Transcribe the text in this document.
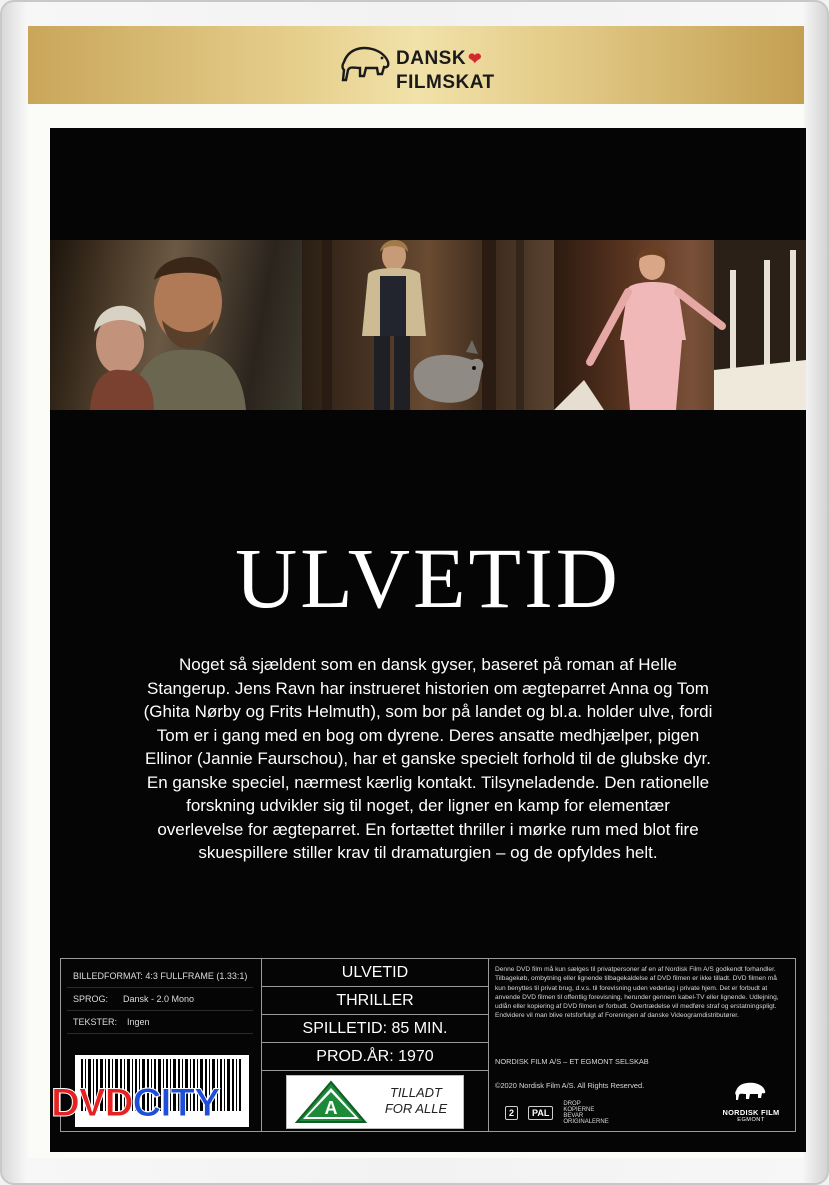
DANSK ❤
FILMSKAT
ULVETID
Noget så sjældent som en dansk gyser, baseret på roman af Helle Stangerup. Jens Ravn har instrueret historien om ægteparret Anna og Tom (Ghita Nørby og Frits Helmuth), som bor på landet og bl.a. holder ulve, fordi Tom er i gang med en bog om dyrene. Deres ansatte medhjælper, pigen Ellinor (Jannie Faurschou), har et ganske specielt forhold til de glubske dyr. En ganske speciel, nærmest kærlig kontakt. Tilsyneladende. Den rationelle forskning udvikler sig til noget, der ligner en kamp for elementær overlevelse for ægteparret. En fortættet thriller i mørke rum med blot fire skuespillere stiller krav til dramaturgien – og de opfyldes helt.
BILLEDFORMAT: 4:3 FULLFRAME (1.33:1)
SPROG: Dansk - 2.0 Mono
TEKSTER: Ingen
DVDCITY
ULVETID
THRILLER
SPILLETID: 85 MIN.
PROD.ÅR: 1970
A
TILLADT
FOR ALLE
Denne DVD film må kun sælges til privatpersoner af en af Nordisk Film A/S godkendt forhandler. Tilbagekøb, ombytning eller lignende tilbagekaldelse af DVD filmen er ikke tilladt. DVD filmen må kun benyttes til privat brug, d.v.s. til forevisning uden vederlag i private hjem. Det er forbudt at anvende DVD filmen til offentlig forevisning, herunder gennem kabel-TV eller lignende. Udlejning, udlån eller kopiering af DVD filmen er forbudt. Overtrædelse vil medføre straf og erstatningspligt. Endvidere vil man blive retsforfulgt af Foreningen af danske Videogramdistributører.
NORDISK FILM A/S – ET EGMONT SELSKAB
©2020 Nordisk Film A/S. All Rights Reserved.
2	PAL
DROP KOPIERNE BEVAR ORIGINALERNE
NORDISK FILM
EGMONT
